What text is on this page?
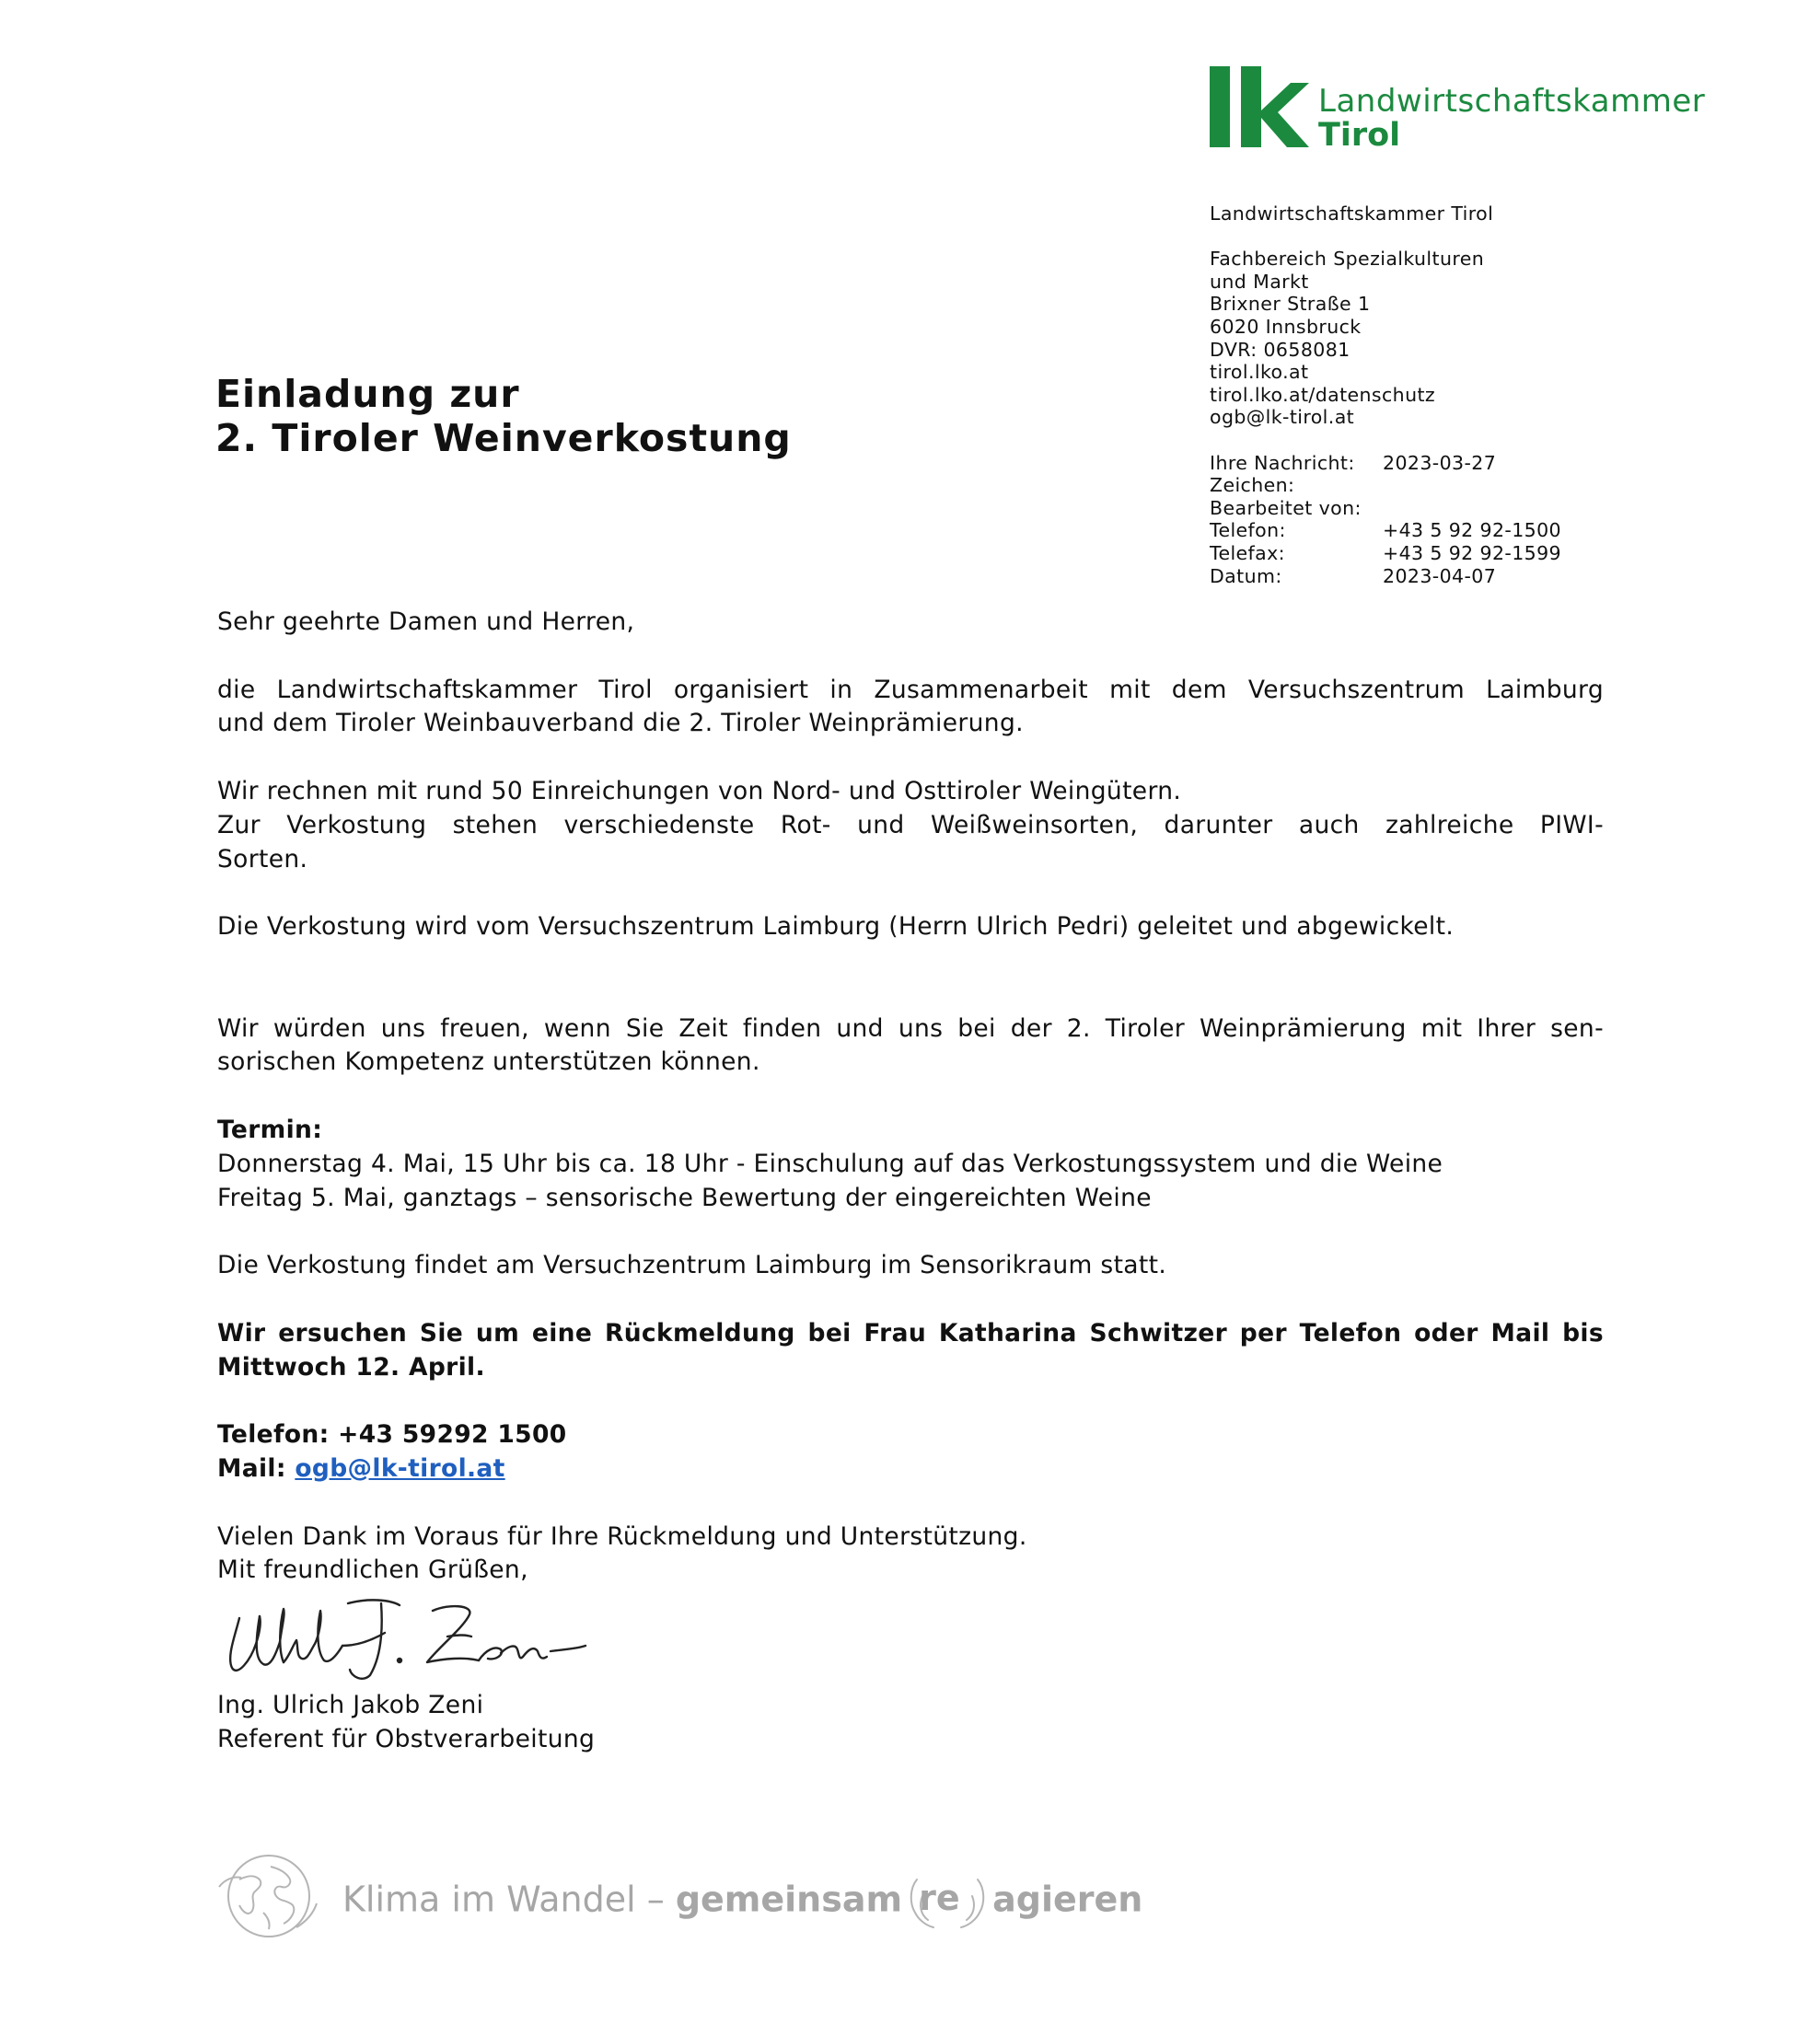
Landwirtschaftskammer
Tirol
Landwirtschaftskammer Tirol
Fachbereich Spezialkulturen
und Markt
Brixner Straße 1
6020 Innsbruck
DVR: 0658081
tirol.lko.at
tirol.lko.at/datenschutz
ogb@lk-tirol.at
Ihre Nachricht:	2023-03-27
Zeichen:
Bearbeitet von:
Telefon:	+43 5 92 92-1500
Telefax:	+43 5 92 92-1599
Datum:	2023-04-07
Einladung zur
2. Tiroler Weinverkostung

Sehr geehrte Damen und Herren,

die Landwirtschaftskammer Tirol organisiert in Zusammenarbeit mit dem Versuchszentrum Laimburg

und dem Tiroler Weinbauverband die 2. Tiroler Weinprämierung.

Wir rechnen mit rund 50 Einreichungen von Nord- und Osttiroler Weingütern.

Zur Verkostung stehen verschiedenste Rot- und Weißweinsorten, darunter auch zahlreiche PIWI-

Sorten.

Die Verkostung wird vom Versuchszentrum Laimburg (Herrn Ulrich Pedri) geleitet und abgewickelt.

Wir würden uns freuen, wenn Sie Zeit finden und uns bei der 2. Tiroler Weinprämierung mit Ihrer sen-

sorischen Kompetenz unterstützen können.

Termin:

Donnerstag 4. Mai, 15 Uhr bis ca. 18 Uhr - Einschulung auf das Verkostungssystem und die Weine

Freitag 5. Mai, ganztags – sensorische Bewertung der eingereichten Weine

Die Verkostung findet am Versuchzentrum Laimburg im Sensorikraum statt.

Wir ersuchen Sie um eine Rückmeldung bei Frau Katharina Schwitzer per Telefon oder Mail bis

Mittwoch 12. April.

Telefon: +43 59292 1500

Mail: ogb@lk-tirol.at

Vielen Dank im Voraus für Ihre Rückmeldung und Unterstützung.

Mit freundlichen Grüßen,

Ing. Ulrich Jakob Zeni

Referent für Obstverarbeitung

Klima im Wandel – gemeinsam re agieren
